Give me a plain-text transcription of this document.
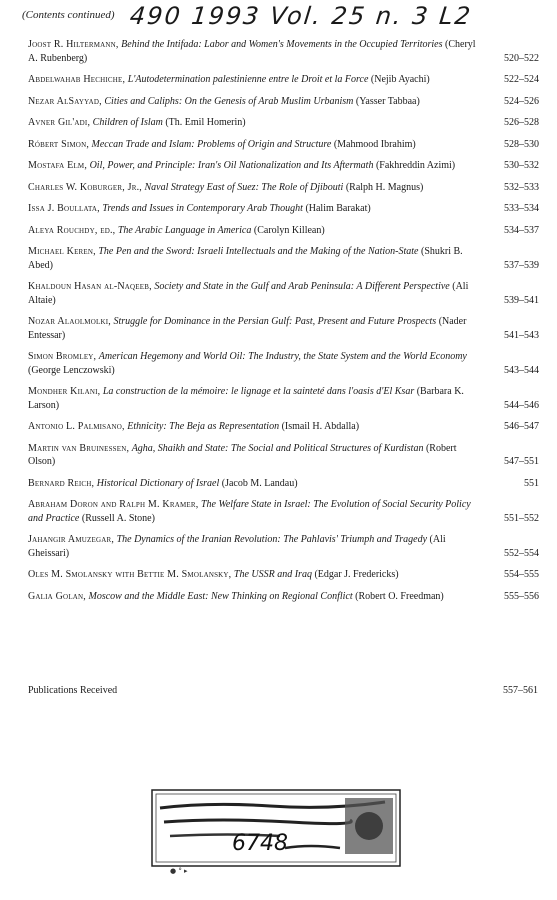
(Contents continued) 490 1993 Vol. 25 n. 3 L2
Joost R. Hiltermann, Behind the Intifada: Labor and Women's Movements in the Occupied Territories (Cheryl A. Rubenberg)	520–522
Abdelwahab Hechiche, L'Autodetermination palestinienne entre le Droit et la Force (Nejib Ayachi)	522–524
Nezar AlSayyad, Cities and Caliphs: On the Genesis of Arab Muslim Urbanism (Yasser Tabbaa)	524–526
Avner Gil'adi, Children of Islam (Th. Emil Homerin)	526–528
Róbert Simon, Meccan Trade and Islam: Problems of Origin and Structure (Mahmood Ibrahim)	528–530
Mostafa Elm, Oil, Power, and Principle: Iran's Oil Nationalization and Its Aftermath (Fakhreddin Azimi)	530–532
Charles W. Koburger, Jr., Naval Strategy East of Suez: The Role of Djibouti (Ralph H. Magnus)	532–533
Issa J. Boullata, Trends and Issues in Contemporary Arab Thought (Halim Barakat)	533–534
Aleya Rouchdy, ed., The Arabic Language in America (Carolyn Killean)	534–537
Michael Keren, The Pen and the Sword: Israeli Intellectuals and the Making of the Nation-State (Shukri B. Abed)	537–539
Khaldoun Hasan al-Naqeeb, Society and State in the Gulf and Arab Peninsula: A Different Perspective (Ali Altaie)	539–541
Nozar Alaolmolki, Struggle for Dominance in the Persian Gulf: Past, Present and Future Prospects (Nader Entessar)	541–543
Simon Bromley, American Hegemony and World Oil: The Industry, the State System and the World Economy (George Lenczowski)	543–544
Mondher Kilani, La construction de la mémoire: le lignage et la sainteté dans l'oasis d'El Ksar (Barbara K. Larson)	544–546
Antonio L. Palmisano, Ethnicity: The Beja as Representation (Ismail H. Abdalla)	546–547
Martin van Bruinessen, Agha, Shaikh and State: The Social and Political Structures of Kurdistan (Robert Olson)	547–551
Bernard Reich, Historical Dictionary of Israel (Jacob M. Landau)	551
Abraham Doron and Ralph M. Kramer, The Welfare State in Israel: The Evolution of Social Security Policy and Practice (Russell A. Stone)	551–552
Jahangir Amuzegar, The Dynamics of the Iranian Revolution: The Pahlavis' Triumph and Tragedy (Ali Gheissari)	552–554
Oles M. Smolansky with Bettie M. Smolansky, The USSR and Iraq (Edgar J. Fredericks)	554–555
Galia Golan, Moscow and the Middle East: New Thinking on Regional Conflict (Robert O. Freedman)	555–556
Publications Received	557–561
6748
● ° ▸
